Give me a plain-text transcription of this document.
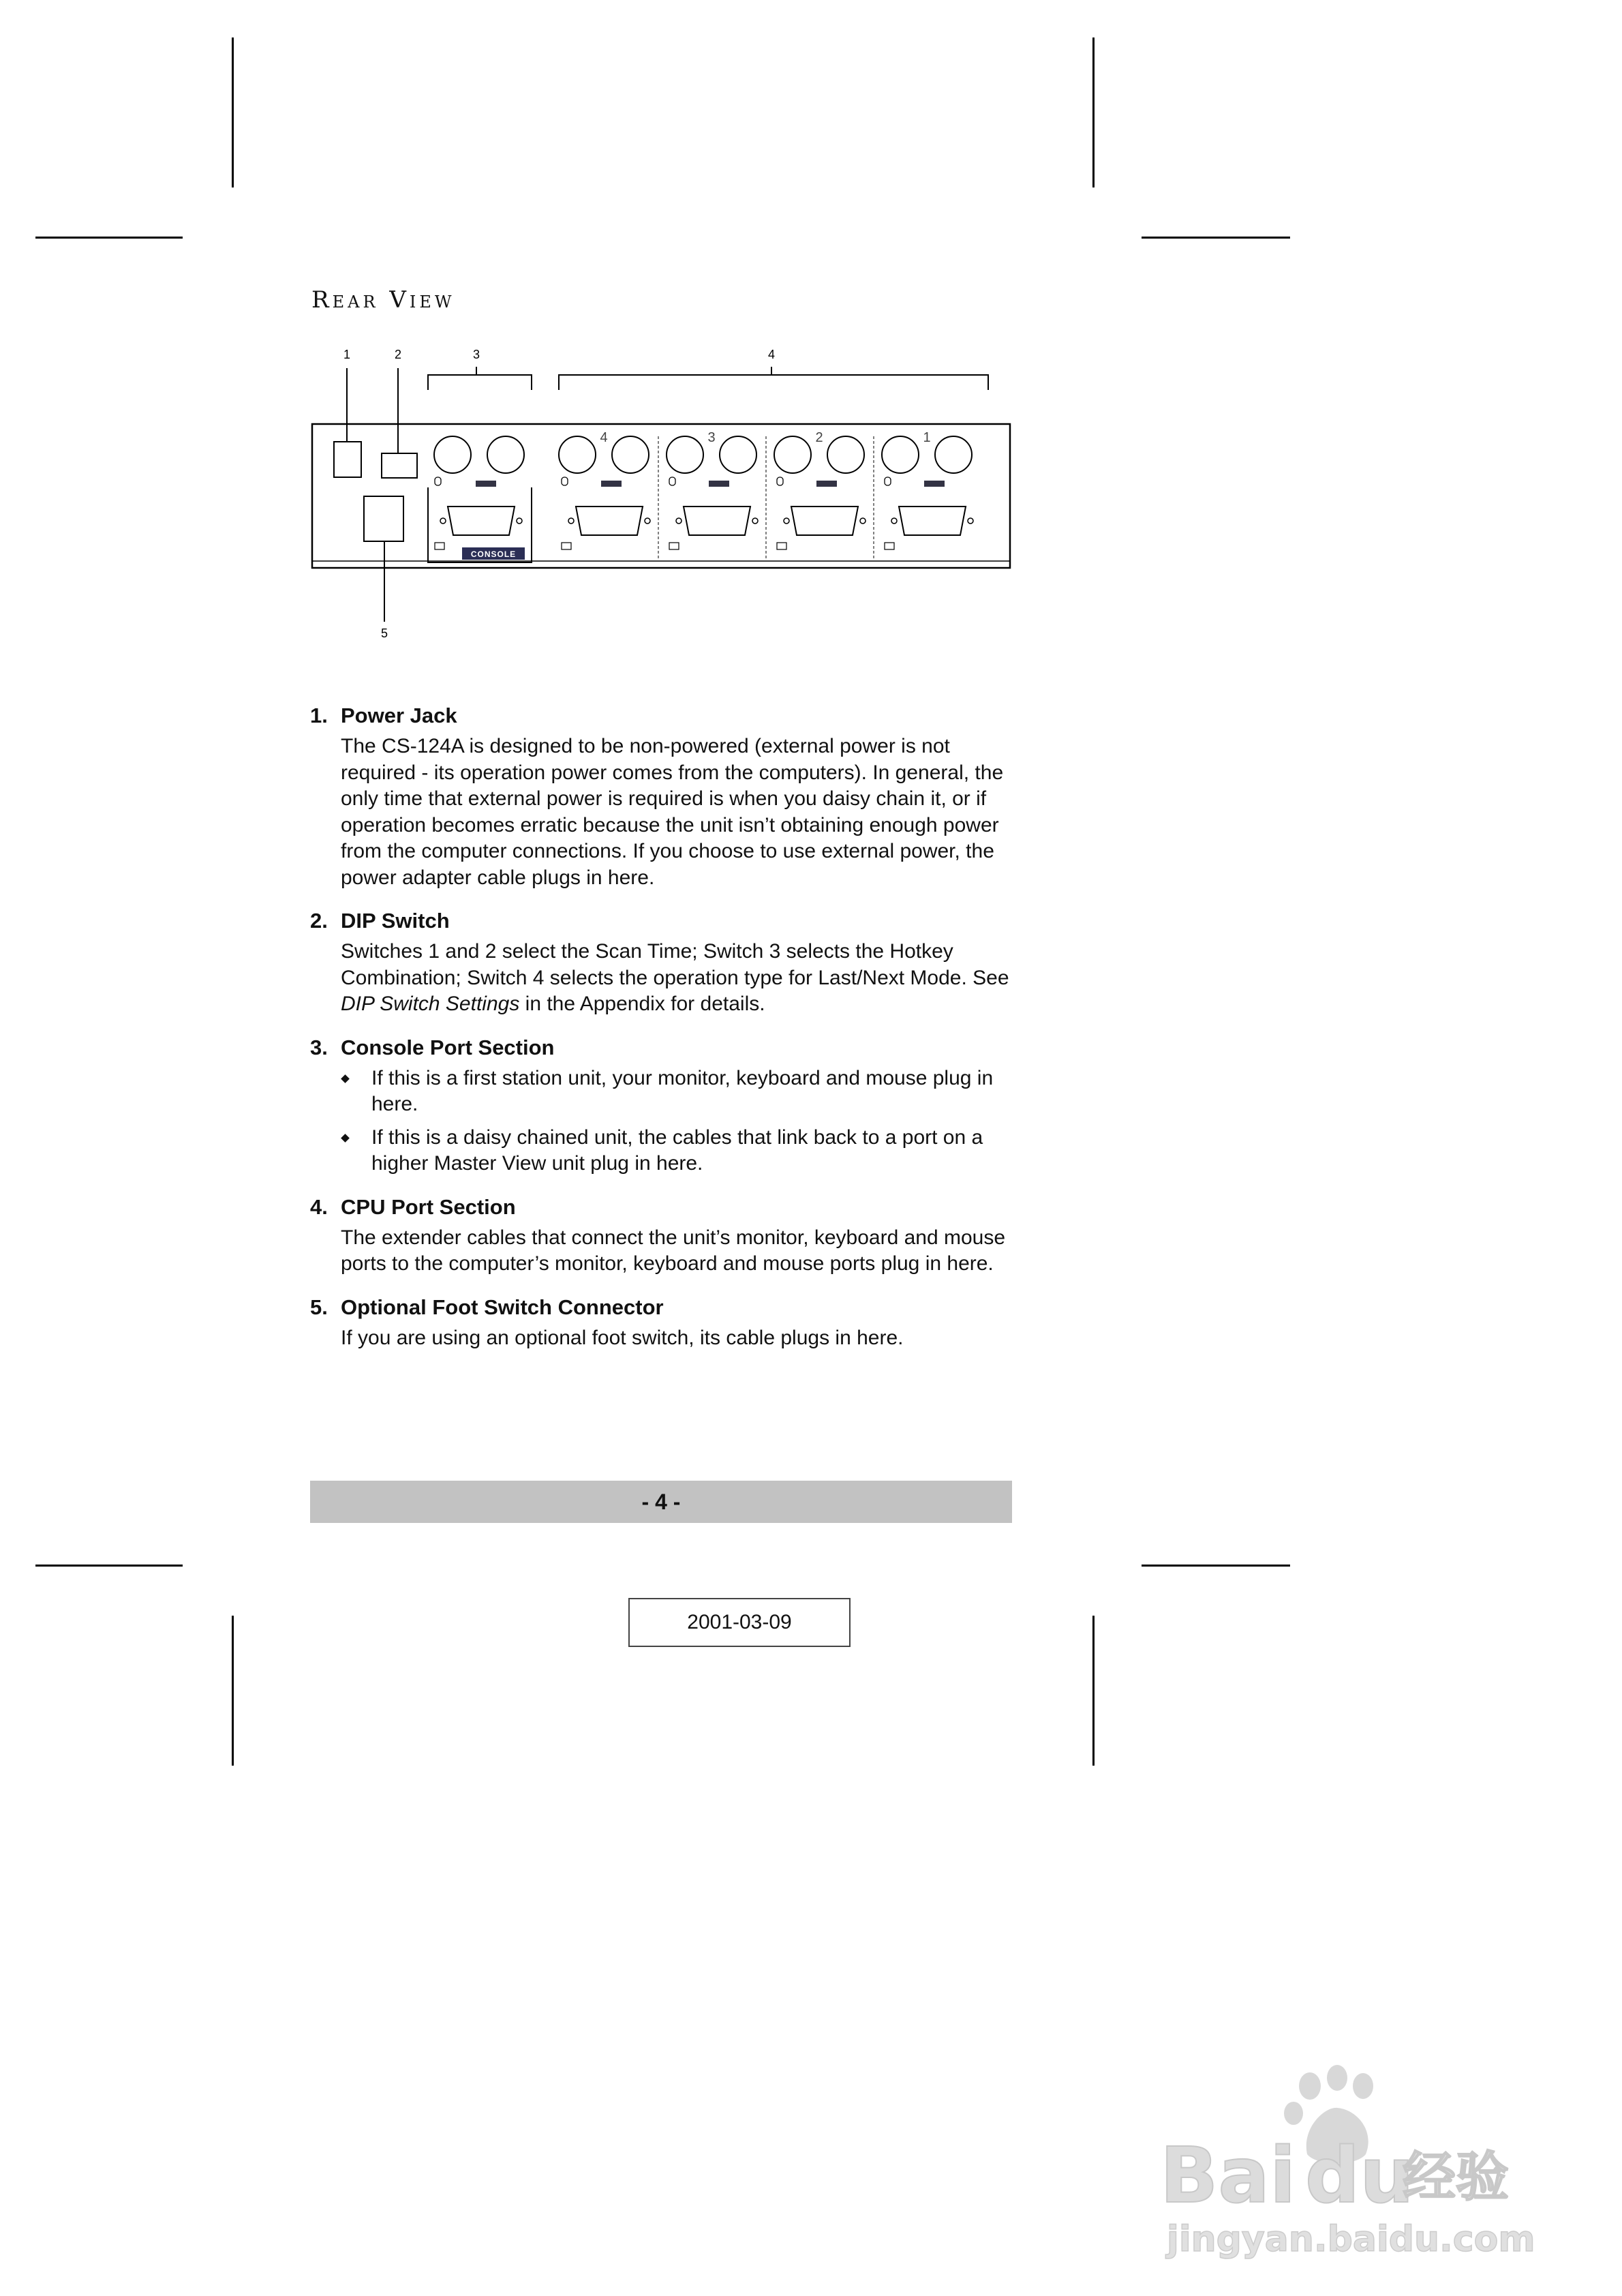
Rear View
1	2	3	4
5
CONSOLE
4	3	2	1
1. Power Jack
The CS-124A is designed to be non-powered (external power is not required - its operation power comes from the computers). In general, the only time that external power is required is when you daisy chain it, or if operation becomes erratic because the unit isn’t obtaining enough power from the computer connections. If you choose to use external power, the power adapter cable plugs in here.
2. DIP Switch
Switches 1 and 2 select the Scan Time; Switch 3 selects the Hotkey Combination; Switch 4 selects the operation type for Last/Next Mode. See DIP Switch Settings in the Appendix for details.
3. Console Port Section
If this is a first station unit, your monitor, keyboard and mouse plug in here.
If this is a daisy chained unit, the cables that link back to a port on a higher Master View unit plug in here.
4. CPU Port Section
The extender cables that connect the unit’s monitor, keyboard and mouse ports to the computer’s monitor, keyboard and mouse ports plug in here.
5. Optional Foot Switch Connector
If you are using an optional foot switch, its cable plugs in here.
- 4 -
2001-03-09
Bai du
经验
jingyan.baidu.com
